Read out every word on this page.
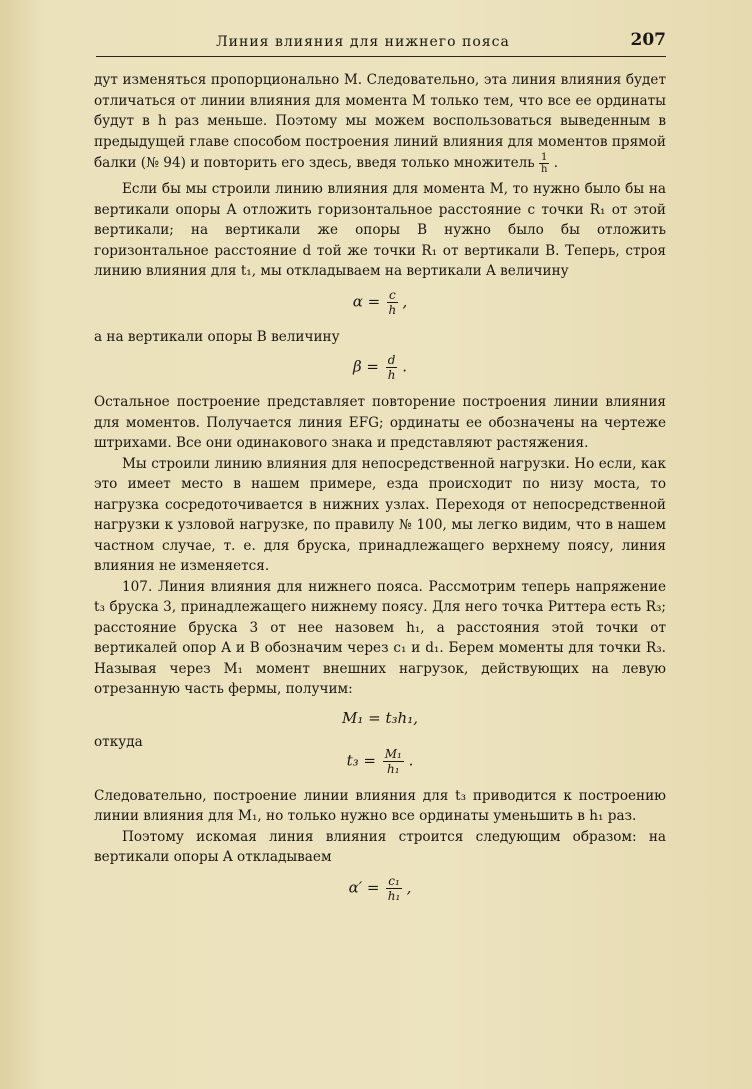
Линия влияния для нижнего пояса	207

дут изменяться пропорционально M. Следовательно, эта линия влияния будет отличаться от линии влияния для момента M только тем, что все ее ординаты будут в h раз меньше. Поэтому мы можем воспользоваться выведенным в предыдущей главе способом построения линий влияния для моментов прямой балки (№ 94) и повторить его здесь, введя только множитель $\frac{1}{h}$ .

Если бы мы строили линию влияния для момента M, то нужно было бы на вертикали опоры A отложить горизонтальное расстояние c точки R₁ от этой вертикали; на вертикали же опоры B нужно было бы отложить горизонтальное расстояние d той же точки R₁ от вертикали B. Теперь, строя линию влияния для t₁, мы откладываем на вертикали A величину

$\alpha = \frac{c}{h}$ ,

а на вертикали опоры B величину

$\beta = \frac{d}{h}$ .

Остальное построение представляет повторение построения линии влияния для моментов. Получается линия EFG; ординаты ее обозначены на чертеже штрихами. Все они одинакового знака и представляют растяжения.

Мы строили линию влияния для непосредственной нагрузки. Но если, как это имеет место в нашем примере, езда происходит по низу моста, то нагрузка сосредоточивается в нижних узлах. Переходя от непосредственной нагрузки к узловой нагрузке, по правилу № 100, мы легко видим, что в нашем частном случае, т. е. для бруска, принадлежащего верхнему поясу, линия влияния не изменяется.

107. Линия влияния для нижнего пояса. Рассмотрим теперь напряжение t₃ бруска 3, принадлежащего нижнему поясу. Для него точка Риттера есть R₃; расстояние бруска 3 от нее назовем h₁, а расстояния этой точки от вертикалей опор A и B обозначим через c₁ и d₁. Берем моменты для точки R₃. Называя через M₁ момент внешних нагрузок, действующих на левую отрезанную часть фермы, получим:

M₁ = t₃h₁,

откуда

$t_3 = \frac{\text{M₁}}{\text{h₁}}$ .

Следовательно, построение линии влияния для t₃ приводится к построению линии влияния для M₁, но только нужно все ординаты уменьшить в h₁ раз.

Поэтому искомая линия влияния строится следующим образом: на вертикали опоры A откладываем

$\alpha' = \frac{\text{c₁}}{\text{h₁}}$ ,
